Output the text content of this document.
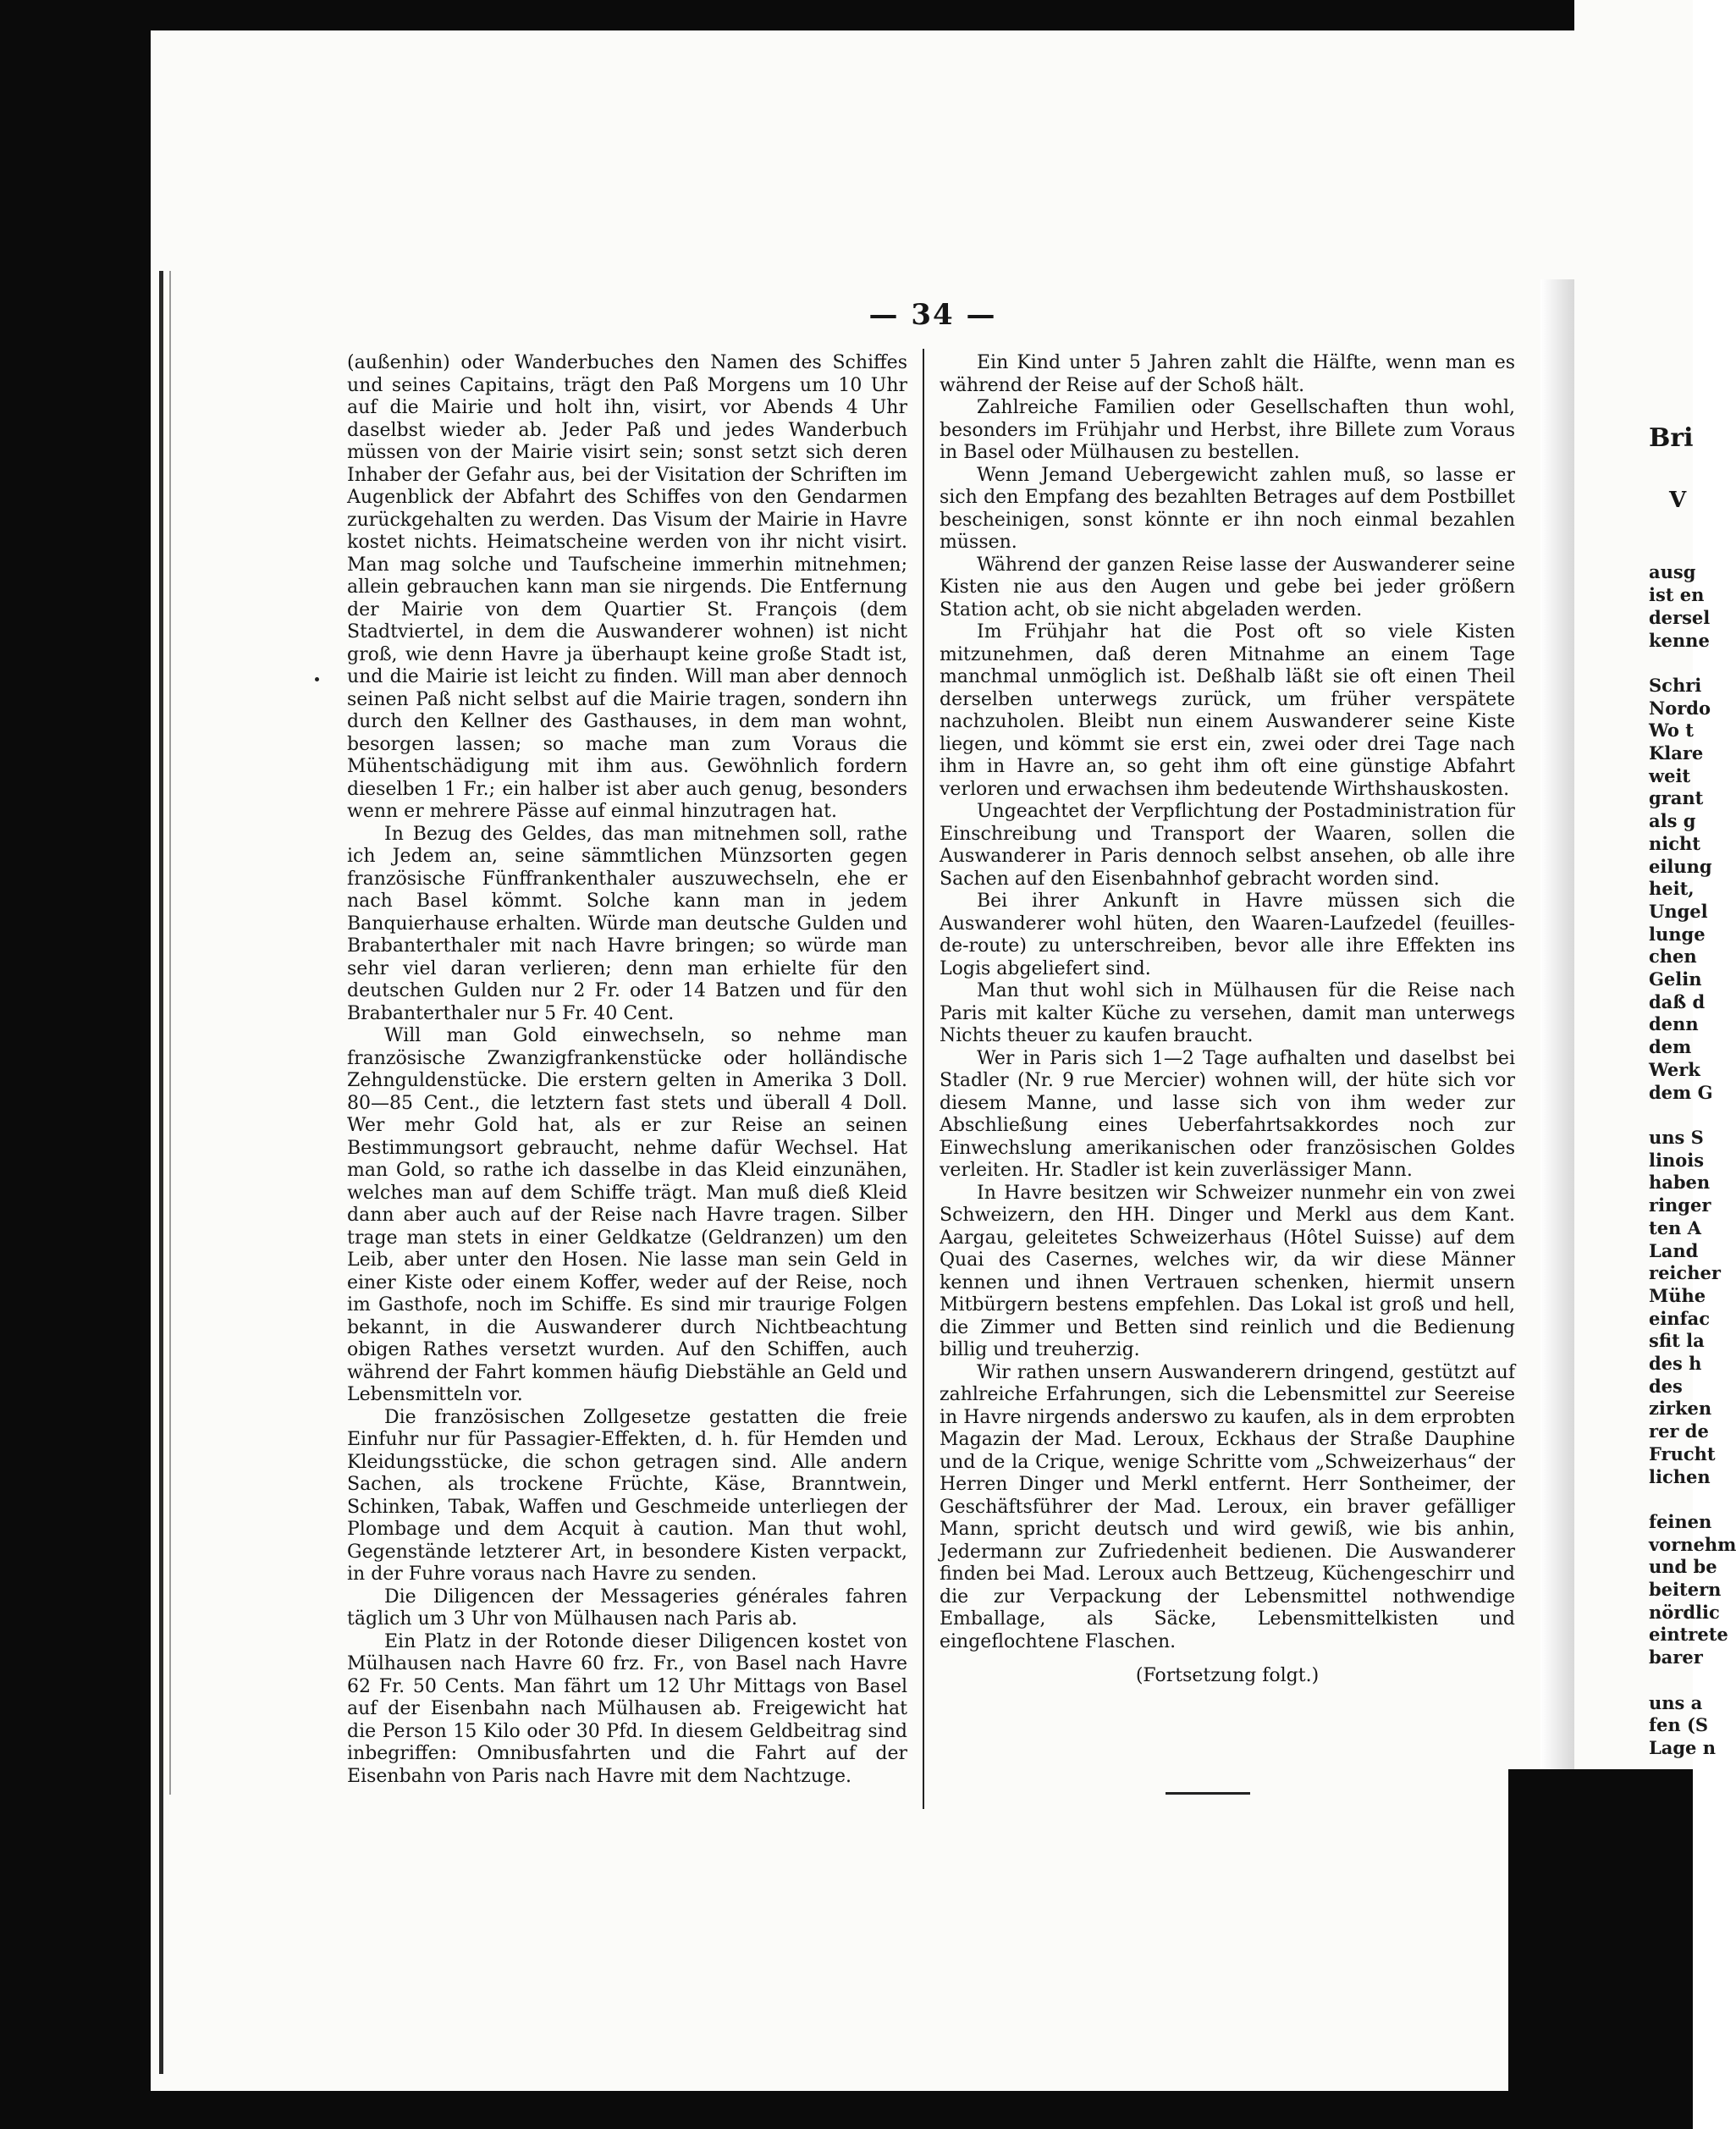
Bri
V

ausg
ist en
dersel
kenne

Schri
Nordo
Wo t
Klare
weit
grant
als g
nicht
eilung
heit,
Ungel
lunge
chen
Gelin
daß d
denn
dem
Werk
dem G

uns S
linois
haben
ringer
ten A
Land
reicher
Mühe
einfac
sfit la
des h
des
zirken
rer de
Frucht
lichen

feinen
vornehm
und be
beitern
nördlic
eintrete
barer

uns a
fen (S
Lage n
— 34 —

(außenhin) oder Wanderbuches den Namen des Schiffes und seines Capitains, trägt den Paß Morgens um 10 Uhr auf die Mairie und holt ihn, visirt, vor Abends 4 Uhr daselbst wieder ab. Jeder Paß und jedes Wanderbuch müssen von der Mairie visirt sein; sonst setzt sich deren Inhaber der Gefahr aus, bei der Visitation der Schriften im Augenblick der Abfahrt des Schiffes von den Gendarmen zurückgehalten zu werden. Das Visum der Mairie in Havre kostet nichts. Heimatscheine werden von ihr nicht visirt. Man mag solche und Taufscheine immerhin mitnehmen; allein gebrauchen kann man sie nirgends. Die Entfernung der Mairie von dem Quartier St. François (dem Stadtviertel, in dem die Auswanderer wohnen) ist nicht groß, wie denn Havre ja überhaupt keine große Stadt ist, und die Mairie ist leicht zu finden. Will man aber dennoch seinen Paß nicht selbst auf die Mairie tragen, sondern ihn durch den Kellner des Gasthauses, in dem man wohnt, besorgen lassen; so mache man zum Voraus die Mühentschädigung mit ihm aus. Gewöhnlich fordern dieselben 1 Fr.; ein halber ist aber auch genug, besonders wenn er mehrere Pässe auf einmal hinzutragen hat.

In Bezug des Geldes, das man mitnehmen soll, rathe ich Jedem an, seine sämmtlichen Münzsorten gegen französische Fünffrankenthaler auszuwechseln, ehe er nach Basel kömmt. Solche kann man in jedem Banquierhause erhalten. Würde man deutsche Gulden und Brabanterthaler mit nach Havre bringen; so würde man sehr viel daran verlieren; denn man erhielte für den deutschen Gulden nur 2 Fr. oder 14 Batzen und für den Brabanterthaler nur 5 Fr. 40 Cent.

Will man Gold einwechseln, so nehme man französische Zwanzigfrankenstücke oder holländische Zehnguldenstücke. Die erstern gelten in Amerika 3 Doll. 80—85 Cent., die letztern fast stets und überall 4 Doll. Wer mehr Gold hat, als er zur Reise an seinen Bestimmungsort gebraucht, nehme dafür Wechsel. Hat man Gold, so rathe ich dasselbe in das Kleid einzunähen, welches man auf dem Schiffe trägt. Man muß dieß Kleid dann aber auch auf der Reise nach Havre tragen. Silber trage man stets in einer Geldkatze (Geldranzen) um den Leib, aber unter den Hosen. Nie lasse man sein Geld in einer Kiste oder einem Koffer, weder auf der Reise, noch im Gasthofe, noch im Schiffe. Es sind mir traurige Folgen bekannt, in die Auswanderer durch Nichtbeachtung obigen Rathes versetzt wurden. Auf den Schiffen, auch während der Fahrt kommen häufig Diebstähle an Geld und Lebensmitteln vor.

Die französischen Zollgesetze gestatten die freie Einfuhr nur für Passagier-Effekten, d. h. für Hemden und Kleidungsstücke, die schon getragen sind. Alle andern Sachen, als trockene Früchte, Käse, Branntwein, Schinken, Tabak, Waffen und Geschmeide unterliegen der Plombage und dem Acquit à caution. Man thut wohl, Gegenstände letzterer Art, in besondere Kisten verpackt, in der Fuhre voraus nach Havre zu senden.

Die Diligencen der Messageries générales fahren täglich um 3 Uhr von Mülhausen nach Paris ab.

Ein Platz in der Rotonde dieser Diligencen kostet von Mülhausen nach Havre 60 frz. Fr., von Basel nach Havre 62 Fr. 50 Cents. Man fährt um 12 Uhr Mittags von Basel auf der Eisenbahn nach Mülhausen ab. Freigewicht hat die Person 15 Kilo oder 30 Pfd. In diesem Geldbeitrag sind inbegriffen: Omnibusfahrten und die Fahrt auf der Eisenbahn von Paris nach Havre mit dem Nachtzuge.

Ein Kind unter 5 Jahren zahlt die Hälfte, wenn man es während der Reise auf der Schoß hält.

Zahlreiche Familien oder Gesellschaften thun wohl, besonders im Frühjahr und Herbst, ihre Billete zum Voraus in Basel oder Mülhausen zu bestellen.

Wenn Jemand Uebergewicht zahlen muß, so lasse er sich den Empfang des bezahlten Betrages auf dem Postbillet bescheinigen, sonst könnte er ihn noch einmal bezahlen müssen.

Während der ganzen Reise lasse der Auswanderer seine Kisten nie aus den Augen und gebe bei jeder größern Station acht, ob sie nicht abgeladen werden.

Im Frühjahr hat die Post oft so viele Kisten mitzunehmen, daß deren Mitnahme an einem Tage manchmal unmöglich ist. Deßhalb läßt sie oft einen Theil derselben unterwegs zurück, um früher verspätete nachzuholen. Bleibt nun einem Auswanderer seine Kiste liegen, und kömmt sie erst ein, zwei oder drei Tage nach ihm in Havre an, so geht ihm oft eine günstige Abfahrt verloren und erwachsen ihm bedeutende Wirthshauskosten.

Ungeachtet der Verpflichtung der Postadministration für Einschreibung und Transport der Waaren, sollen die Auswanderer in Paris dennoch selbst ansehen, ob alle ihre Sachen auf den Eisenbahnhof gebracht worden sind.

Bei ihrer Ankunft in Havre müssen sich die Auswanderer wohl hüten, den Waaren-Laufzedel (feuilles-de-route) zu unterschreiben, bevor alle ihre Effekten ins Logis abgeliefert sind.

Man thut wohl sich in Mülhausen für die Reise nach Paris mit kalter Küche zu versehen, damit man unterwegs Nichts theuer zu kaufen braucht.

Wer in Paris sich 1—2 Tage aufhalten und daselbst bei Stadler (Nr. 9 rue Mercier) wohnen will, der hüte sich vor diesem Manne, und lasse sich von ihm weder zur Abschließung eines Ueberfahrtsakkordes noch zur Einwechslung amerikanischen oder französischen Goldes verleiten. Hr. Stadler ist kein zuverlässiger Mann.

In Havre besitzen wir Schweizer nunmehr ein von zwei Schweizern, den HH. Dinger und Merkl aus dem Kant. Aargau, geleitetes Schweizerhaus (Hôtel Suisse) auf dem Quai des Casernes, welches wir, da wir diese Männer kennen und ihnen Vertrauen schenken, hiermit unsern Mitbürgern bestens empfehlen. Das Lokal ist groß und hell, die Zimmer und Betten sind reinlich und die Bedienung billig und treuherzig.

Wir rathen unsern Auswanderern dringend, gestützt auf zahlreiche Erfahrungen, sich die Lebensmittel zur Seereise in Havre nirgends anderswo zu kaufen, als in dem erprobten Magazin der Mad. Leroux, Eckhaus der Straße Dauphine und de la Crique, wenige Schritte vom „Schweizerhaus“ der Herren Dinger und Merkl entfernt. Herr Sontheimer, der Geschäftsführer der Mad. Leroux, ein braver gefälliger Mann, spricht deutsch und wird gewiß, wie bis anhin, Jedermann zur Zufriedenheit bedienen. Die Auswanderer finden bei Mad. Leroux auch Bettzeug, Küchengeschirr und die zur Verpackung der Lebensmittel nothwendige Emballage, als Säcke, Lebensmittelkisten und eingeflochtene Flaschen.

(Fortsetzung folgt.)
